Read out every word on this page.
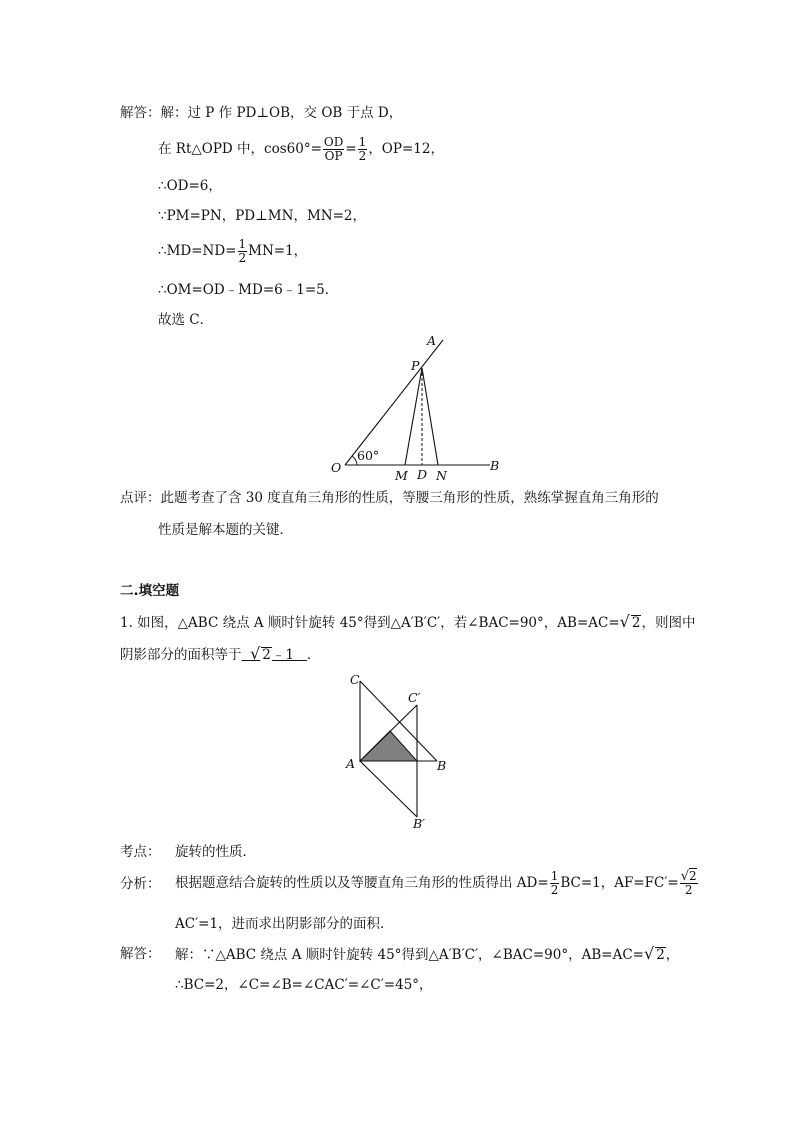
解答：解：过 P 作 PD⊥OB，交 OB 于点 D，
在 Rt△OPD 中，$\cos 60^\circ= \frac{OD}{OP} = \frac{1}{2}$ ，OP=12，
∴OD=6，
∵PM=PN，PD⊥MN，MN=2，
∴MD=ND= $\frac{1}{2} MN=1$，
∴OM=OD﹣MD=6﹣1=5．
故选 C．
A
P
O
60°
M D N
B
点评：此题考查了含 30 度直角三角形的性质，等腰三角形的性质，熟练掌握直角三角形的
性质是解本题的关键．
二.填空题
1. 如图，△ABC 绕点 A 顺时针旋转 45°得到△A′B′C′，若∠BAC=90°，AB=AC=√ 2，则图中
阴影部分的面积等于 √ 2﹣1 ．
C
C′
A	B
B′
考点： 旋转的性质．
分析： 根据题意结合旋转的性质以及等腰直角三角形的性质得出 $AD= \frac{1}{2} BC=1$，$AF=FC'= \frac{√2}{2}$
AC′=1，进而求出阴影部分的面积．
解答： 解：∵△ABC 绕点 A 顺时针旋转 45°得到△A′B′C′，∠BAC=90°，AB=AC=√ 2，
∴BC=2，∠C=∠B=∠CAC′=∠C′=45°，
